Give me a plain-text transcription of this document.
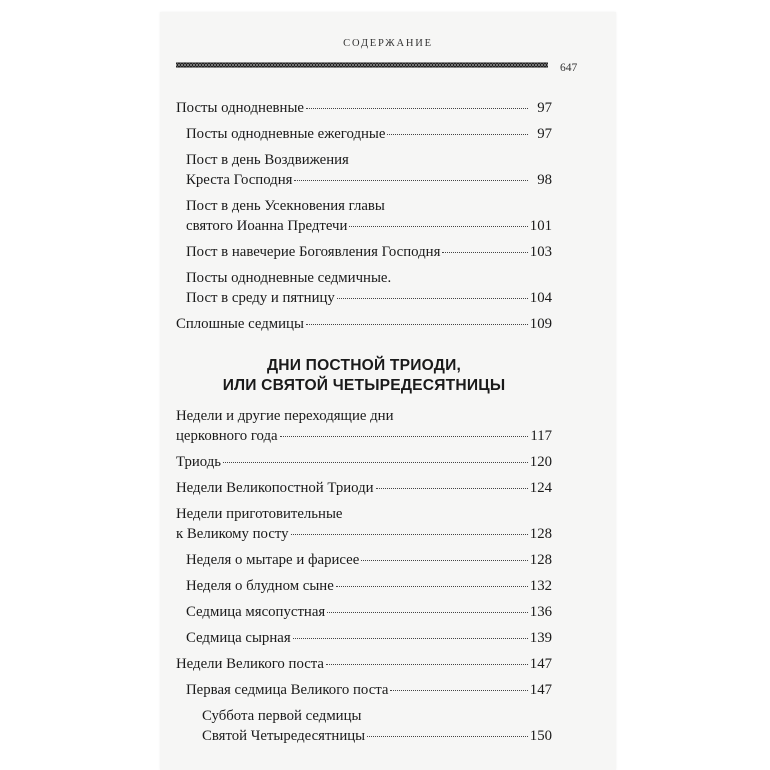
СОДЕРЖАНИЕ
647
Посты однодневные	97
Посты однодневные ежегодные	97
Пост в день Воздвижения
Креста Господня	98
Пост в день Усекновения главы
святого Иоанна Предтечи	101
Пост в навечерие Богоявления Господня	103
Посты однодневные седмичные.
Пост в среду и пятницу	104
Сплошные седмицы	109
ДНИ ПОСТНОЙ ТРИОДИ,
ИЛИ СВЯТОЙ ЧЕТЫРЕДЕСЯТНИЦЫ
Недели и другие переходящие дни
церковного года	117
Триодь	120
Недели Великопостной Триоди	124
Недели приготовительные
к Великому посту	128
Неделя о мытаре и фарисее	128
Неделя о блудном сыне	132
Седмица мясопустная	136
Седмица сырная	139
Недели Великого поста	147
Первая седмица Великого поста	147
Суббота первой седмицы
Святой Четыредесятницы	150
